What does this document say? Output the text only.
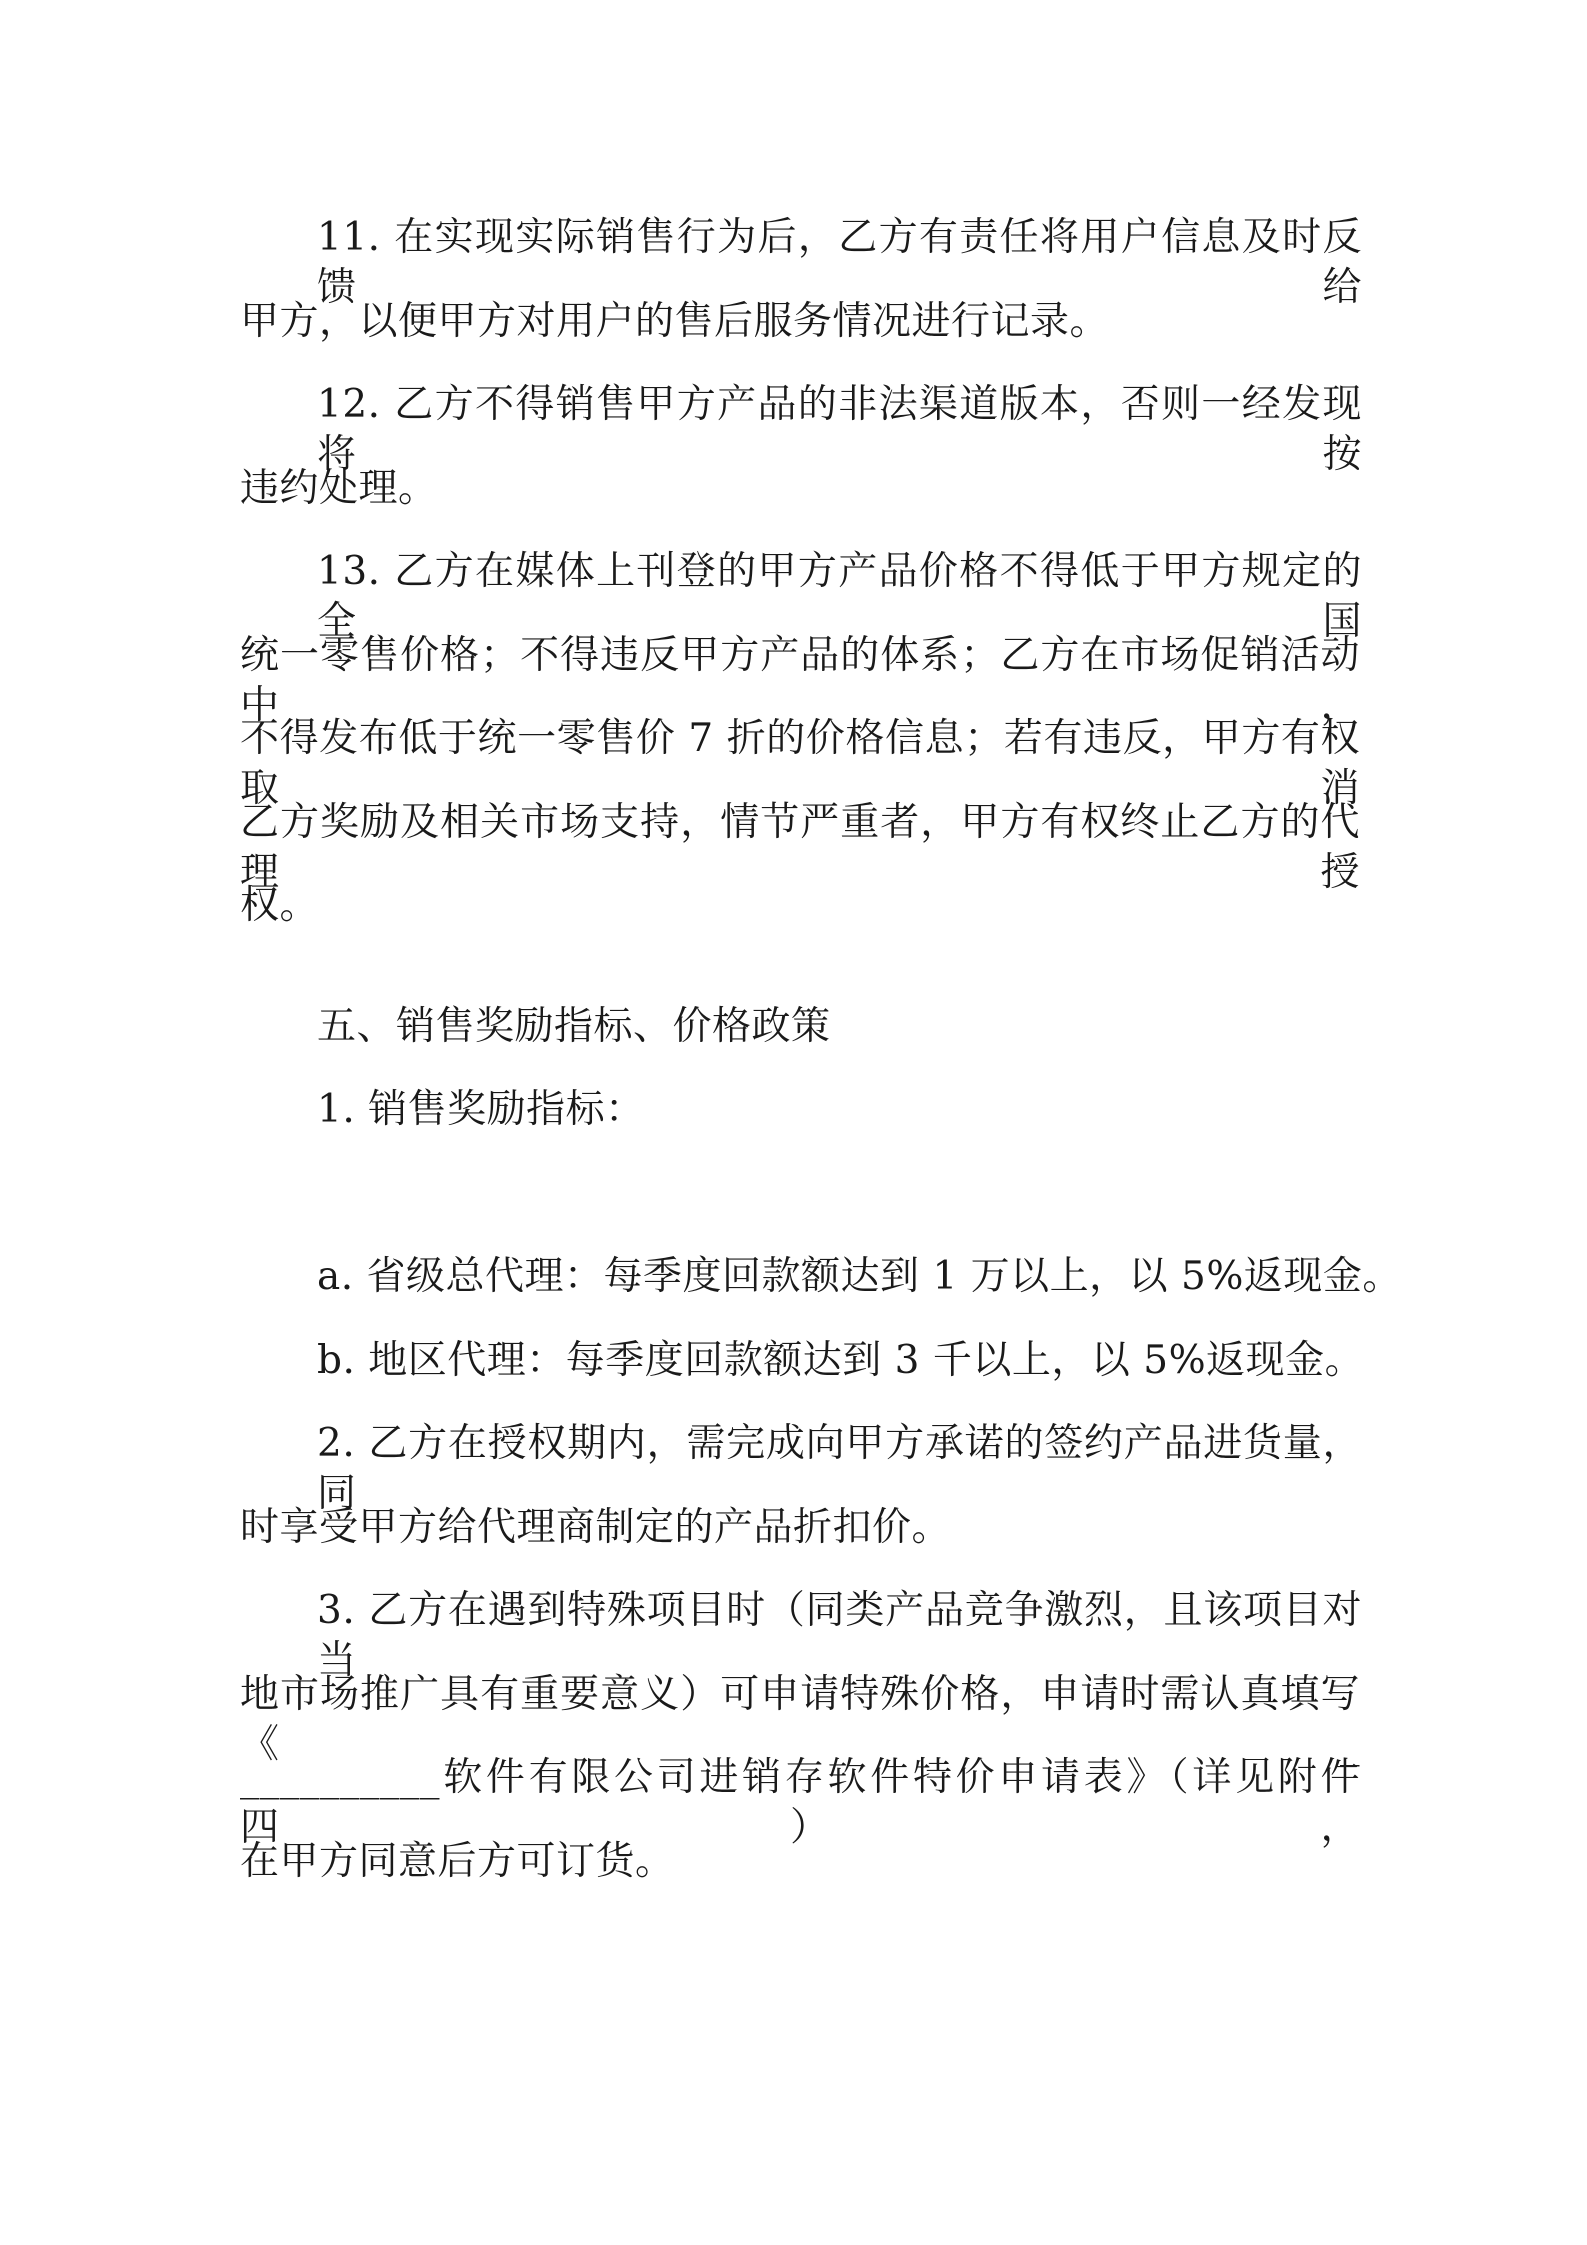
11. 在实现实际销售行为后，乙方有责任将用户信息及时反馈给
甲方，以便甲方对用户的售后服务情况进行记录。
12. 乙方不得销售甲方产品的非法渠道版本，否则一经发现将按
违约处理。
13. 乙方在媒体上刊登的甲方产品价格不得低于甲方规定的全国
统一零售价格；不得违反甲方产品的体系；乙方在市场促销活动中，
不得发布低于统一零售价 7 折的价格信息；若有违反，甲方有权取消
乙方奖励及相关市场支持，情节严重者，甲方有权终止乙方的代理授
权。
五、销售奖励指标、价格政策
1. 销售奖励指标：
a. 省级总代理：每季度回款额达到 1 万以上，以 5%返现金。
b. 地区代理：每季度回款额达到 3 千以上，以 5%返现金。
2. 乙方在授权期内，需完成向甲方承诺的签约产品进货量，同
时享受甲方给代理商制定的产品折扣价。
3. 乙方在遇到特殊项目时（同类产品竞争激烈，且该项目对当
地市场推广具有重要意义）可申请特殊价格，申请时需认真填写《_
__________软件有限公司进销存软件特价申请表》（详见附件四），
在甲方同意后方可订货。
